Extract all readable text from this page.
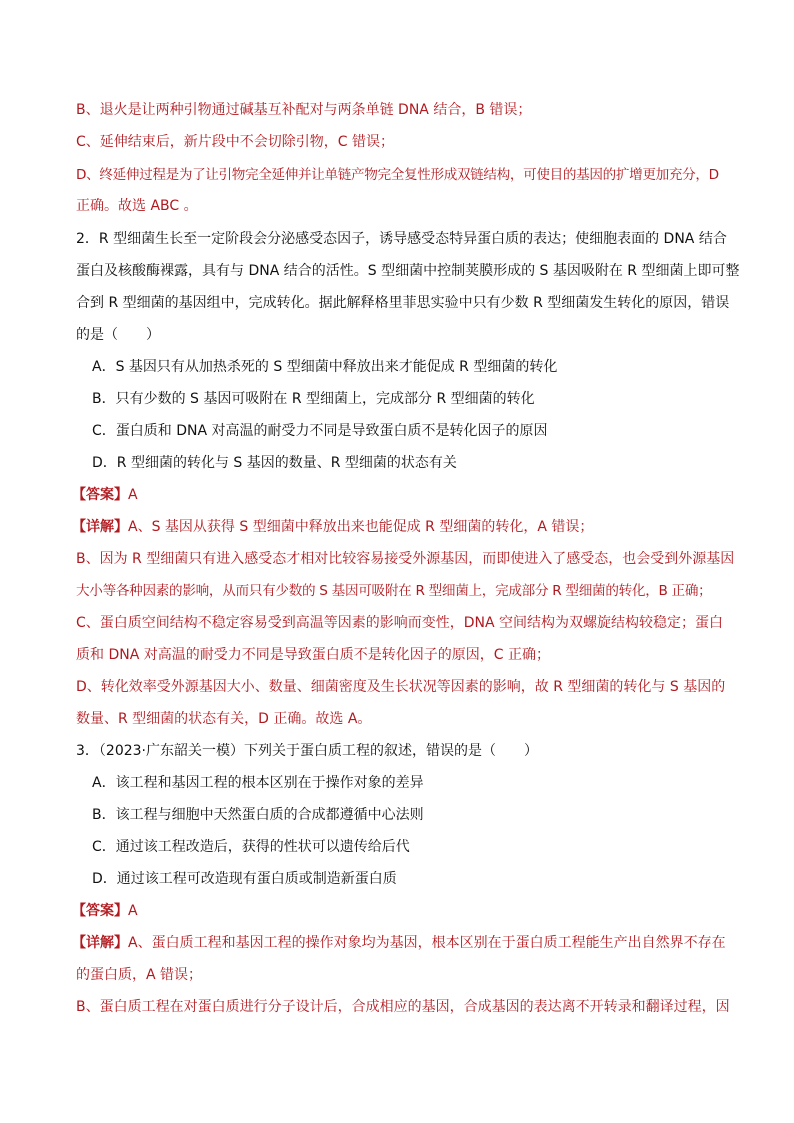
B、退火是让两种引物通过碱基互补配对与两条单链 DNA 结合，B 错误；
C、延伸结束后，新片段中不会切除引物，C 错误；
D、终延伸过程是为了让引物完全延伸并让单链产物完全复性形成双链结构，可使目的基因的扩增更加充分，D
正确。故选 ABC 。
2．R 型细菌生长至一定阶段会分泌感受态因子，诱导感受态特异蛋白质的表达；使细胞表面的 DNA 结合
蛋白及核酸酶裸露，具有与 DNA 结合的活性。S 型细菌中控制荚膜形成的 S 基因吸附在 R 型细菌上即可整
合到 R 型细菌的基因组中，完成转化。据此解释格里菲思实验中只有少数 R 型细菌发生转化的原因，错误
的是（　　）
A．S 基因只有从加热杀死的 S 型细菌中释放出来才能促成 R 型细菌的转化
B．只有少数的 S 基因可吸附在 R 型细菌上，完成部分 R 型细菌的转化
C．蛋白质和 DNA 对高温的耐受力不同是导致蛋白质不是转化因子的原因
D．R 型细菌的转化与 S 基因的数量、R 型细菌的状态有关
【答案】A
【详解】A、S 基因从获得 S 型细菌中释放出来也能促成 R 型细菌的转化，A 错误；
B、因为 R 型细菌只有进入感受态才相对比较容易接受外源基因，而即使进入了感受态，也会受到外源基因
大小等各种因素的影响，从而只有少数的 S 基因可吸附在 R 型细菌上，完成部分 R 型细菌的转化，B 正确；
C、蛋白质空间结构不稳定容易受到高温等因素的影响而变性，DNA 空间结构为双螺旋结构较稳定；蛋白
质和 DNA 对高温的耐受力不同是导致蛋白质不是转化因子的原因，C 正确；
D、转化效率受外源基因大小、数量、细菌密度及生长状况等因素的影响，故 R 型细菌的转化与 S 基因的
数量、R 型细菌的状态有关，D 正确。故选 A。
3．（2023·广东韶关一模）下列关于蛋白质工程的叙述，错误的是（　　）
A．该工程和基因工程的根本区别在于操作对象的差异
B．该工程与细胞中天然蛋白质的合成都遵循中心法则
C．通过该工程改造后，获得的性状可以遗传给后代
D．通过该工程可改造现有蛋白质或制造新蛋白质
【答案】A
【详解】A、蛋白质工程和基因工程的操作对象均为基因，根本区别在于蛋白质工程能生产出自然界不存在
的蛋白质，A 错误；
B、蛋白质工程在对蛋白质进行分子设计后，合成相应的基因，合成基因的表达离不开转录和翻译过程，因
